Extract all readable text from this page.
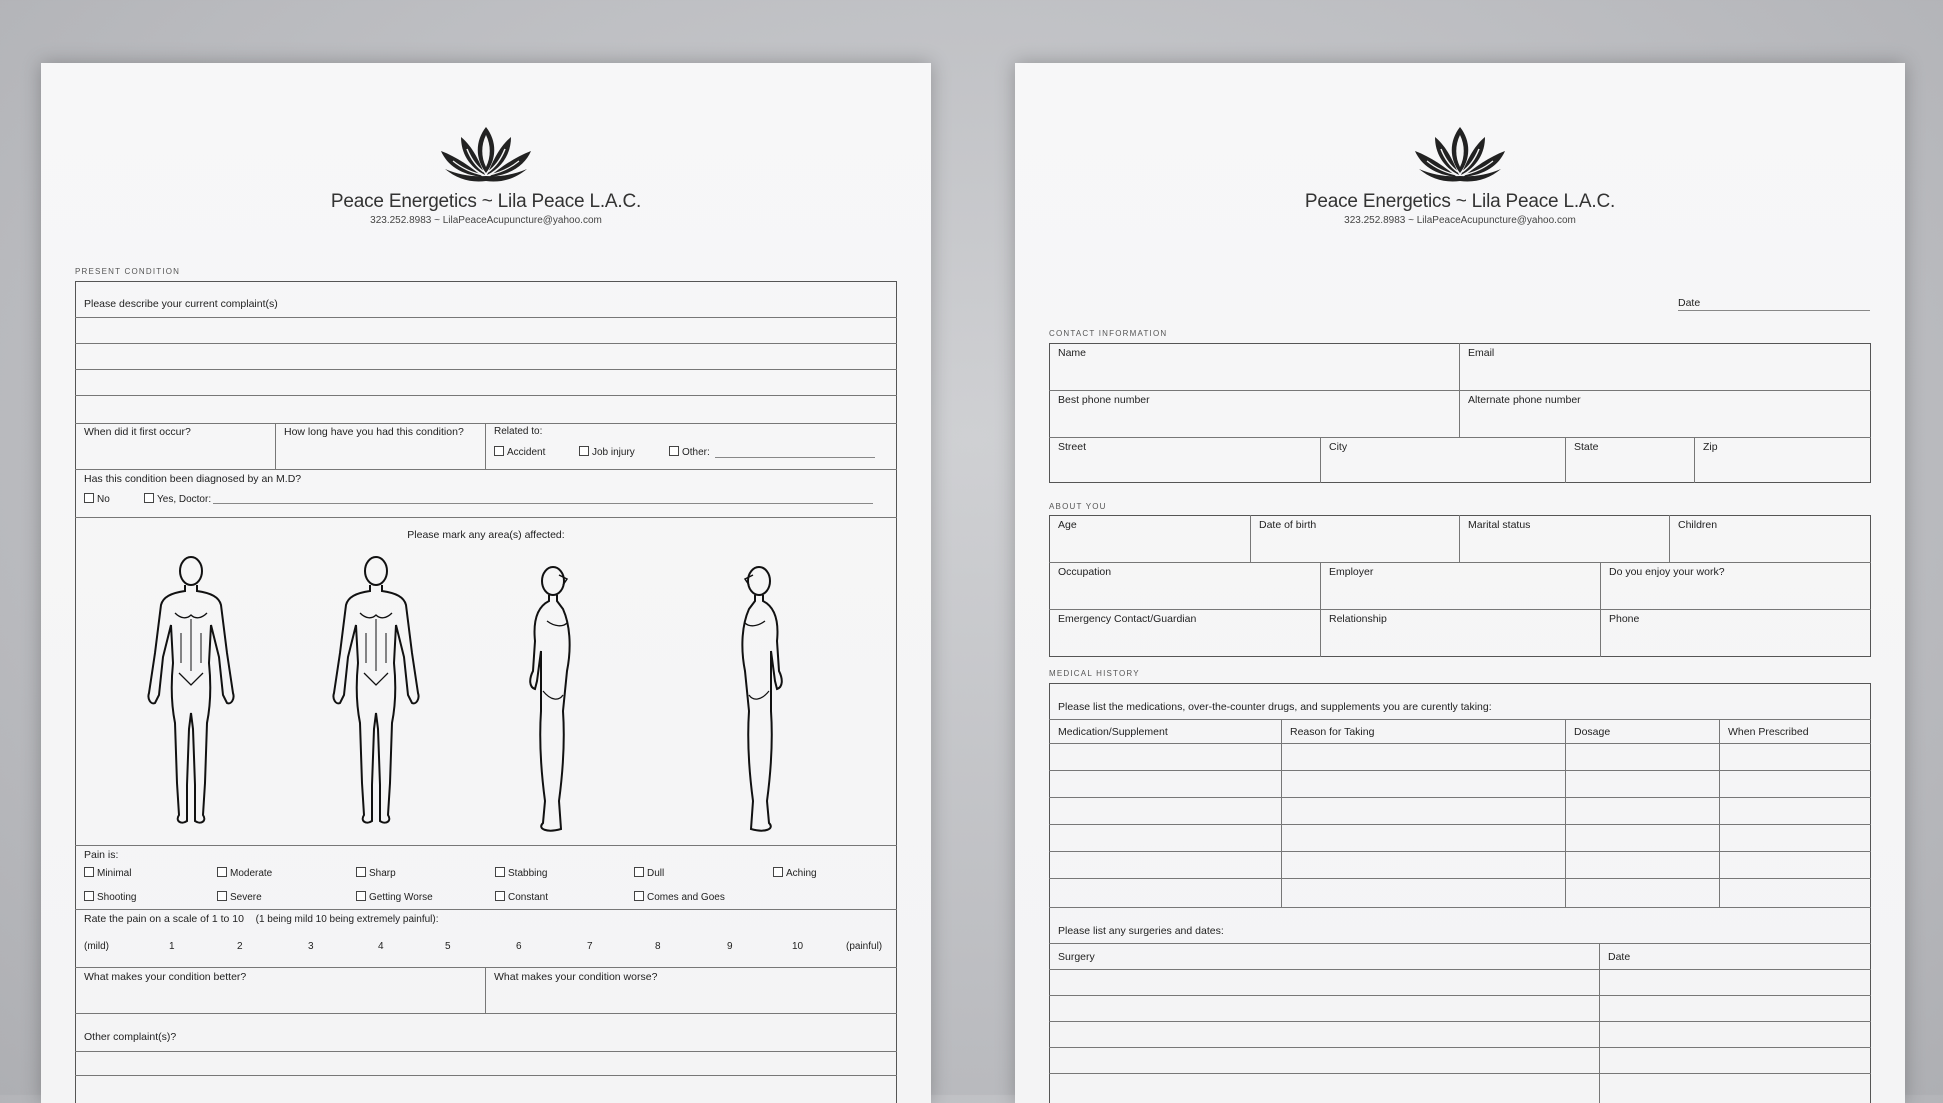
Peace Energetics ~ Lila Peace L.A.C.
323.252.8983 ~ LilaPeaceAcupuncture@yahoo.com
PRESENT CONDITION
Please describe your current complaint(s)
When did it first occur?	How long have you had this condition?	Related to:
Accident	Job injury	Other:
Has this condition been diagnosed by an M.D?
No	Yes, Doctor:
Please mark any area(s) affected:
Pain is:
Minimal	Moderate	Sharp	Stabbing	Dull	Aching
Shooting	Severe	Getting Worse	Constant	Comes and Goes
Rate the pain on a scale of 1 to 10 (1 being mild 10 being extremely painful):
(mild)	1	2	3	4	5	6	7	8	9	10	(painful)
What makes your condition better?	What makes your condition worse?
Other complaint(s)?
Peace Energetics ~ Lila Peace L.A.C.
323.252.8983 ~ LilaPeaceAcupuncture@yahoo.com
Date
CONTACT INFORMATION
Name	Email
Best phone number	Alternate phone number
Street	City	State	Zip
ABOUT YOU
Age	Date of birth	Marital status	Children
Occupation	Employer	Do you enjoy your work?
Emergency Contact/Guardian	Relationship	Phone
MEDICAL HISTORY
Please list the medications, over-the-counter drugs, and supplements you are curently taking:
Medication/Supplement	Reason for Taking	Dosage	When Prescribed
Please list any surgeries and dates:
Surgery	Date
